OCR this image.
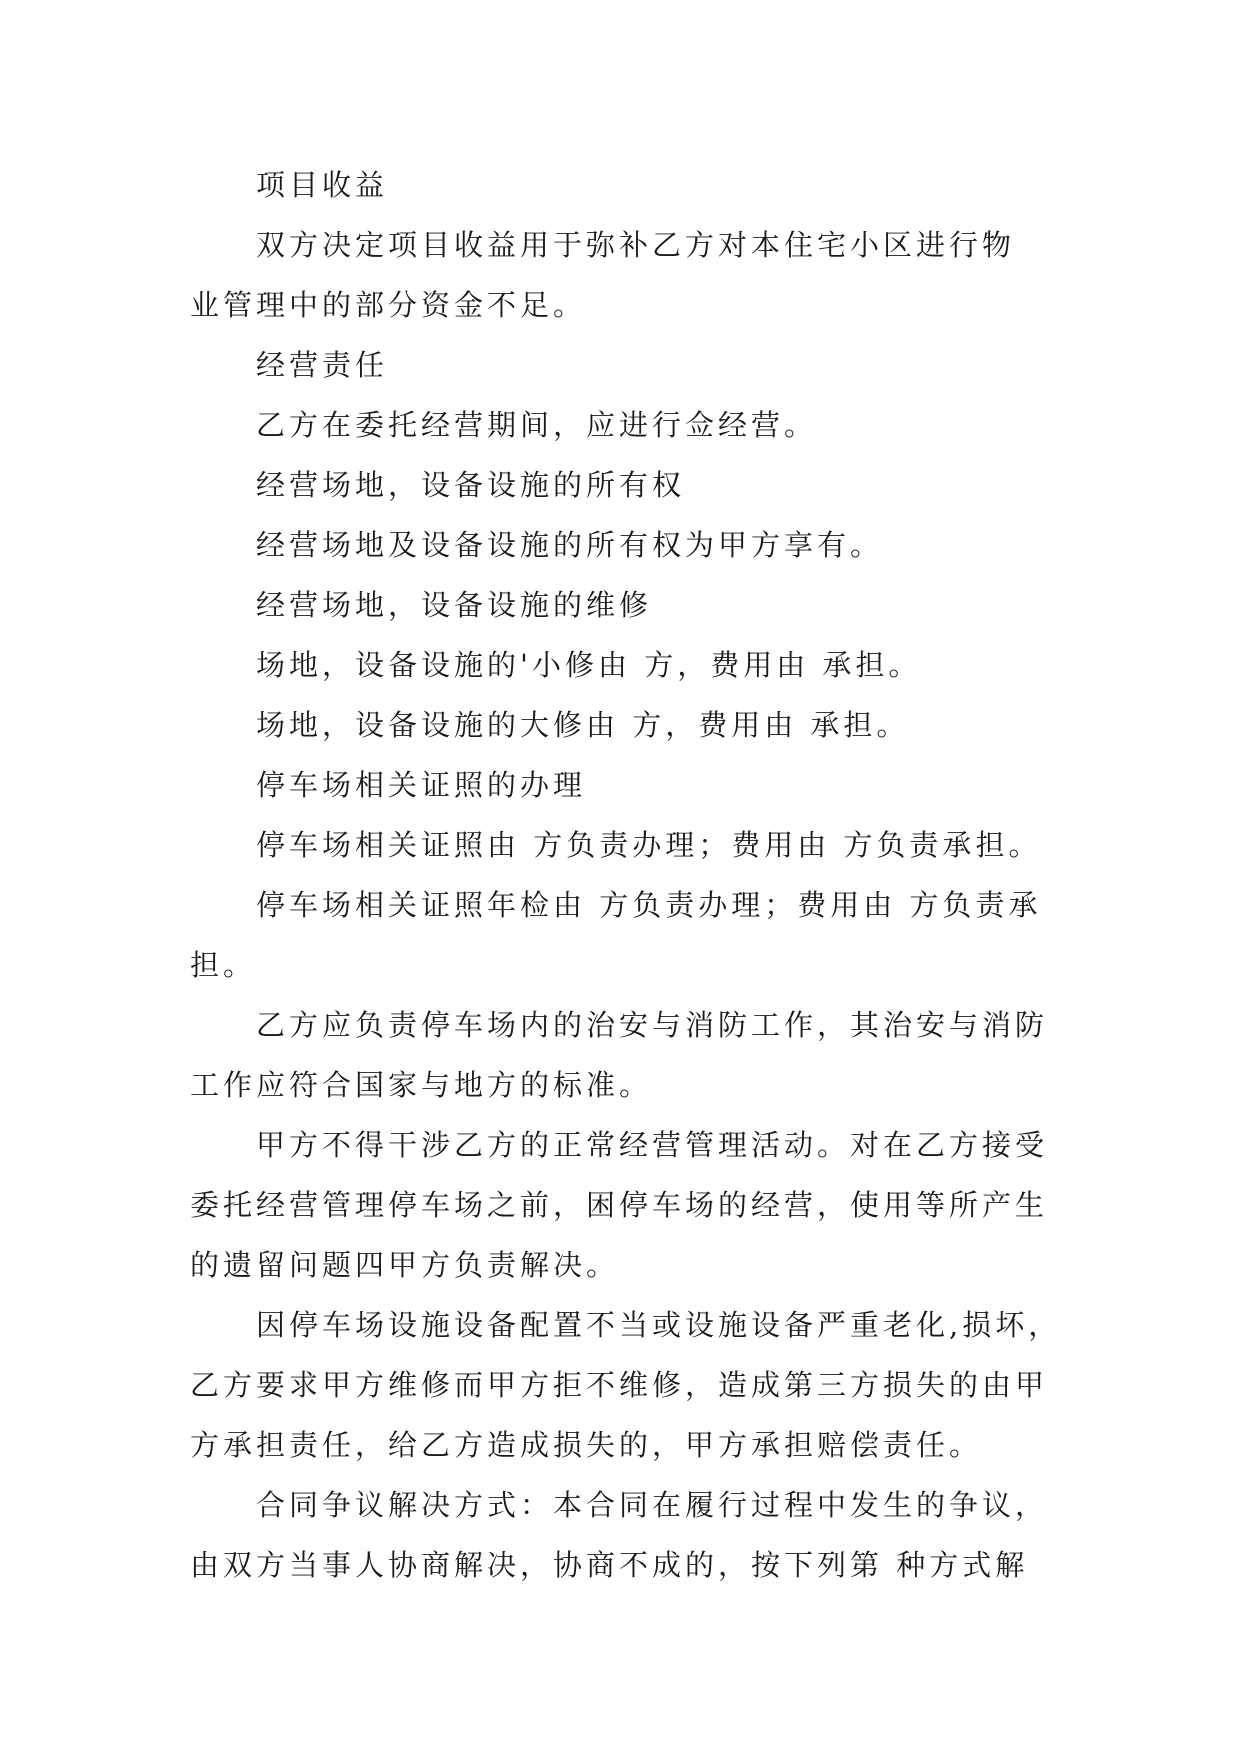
项目收益

双方决定项目收益用于弥补乙方对本住宅小区进行物

业管理中的部分资金不足。

经营责任

乙方在委托经营期间，应进行佥经营。

经营场地，设备设施的所有权

经营场地及设备设施的所有权为甲方享有。

经营场地，设备设施的维修

场地，设备设施的'小修由 方，费用由 承担。

场地，设备设施的大修由 方，费用由 承担。

停车场相关证照的办理

停车场相关证照由 方负责办理；费用由 方负责承担。

停车场相关证照年检由 方负责办理；费用由 方负责承

担。

乙方应负责停车场内的治安与消防工作，其治安与消防

工作应符合国家与地方的标准。

甲方不得干涉乙方的正常经营管理活动。对在乙方接受

委托经营管理停车场之前，困停车场的经营，使用等所产生

的遗留问题四甲方负责解决。

因停车场设施设备配置不当或设施设备严重老化,损坏，

乙方要求甲方维修而甲方拒不维修，造成第三方损失的由甲

方承担责任，给乙方造成损失的，甲方承担赔偿责任。

合同争议解决方式：本合同在履行过程中发生的争议，

由双方当事人协商解决，协商不成的，按下列第 种方式解
